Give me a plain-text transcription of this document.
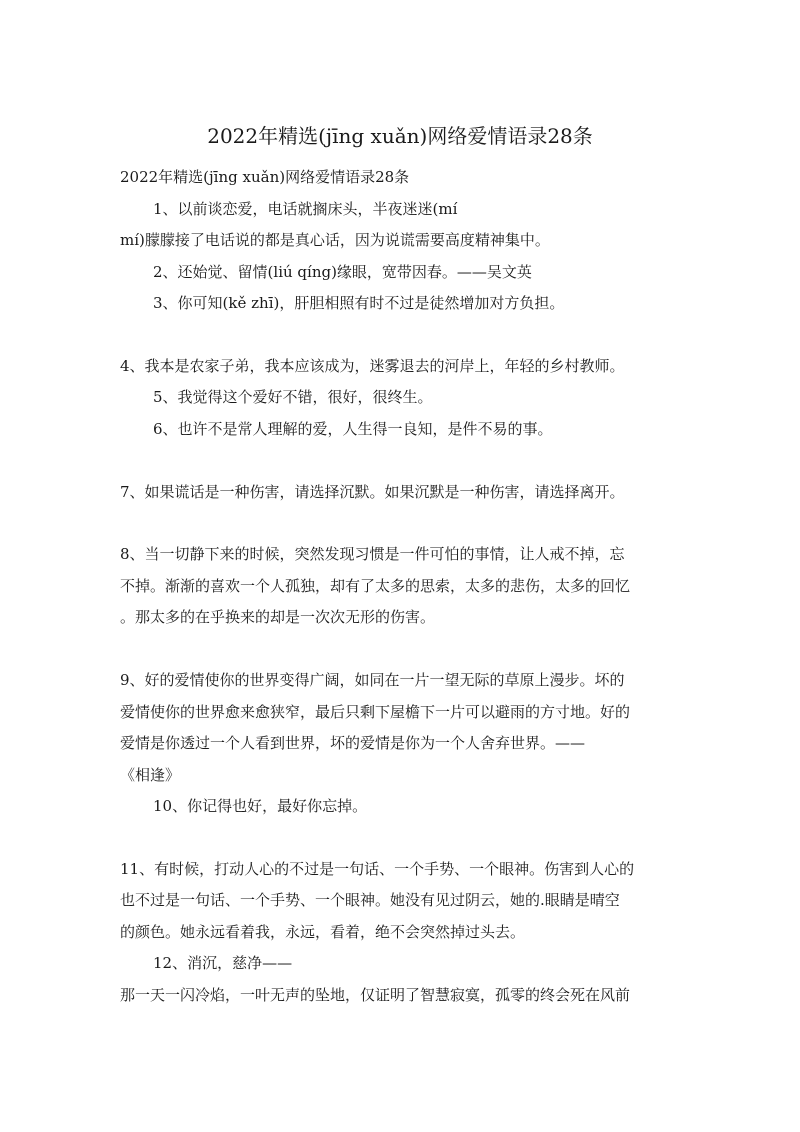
2022年精选(jīng xuǎn)网络爱情语录28条
2022年精选(jīng xuǎn)网络爱情语录28条
1、以前谈恋爱，电话就搁床头，半夜迷迷(mí
mí)朦朦接了电话说的都是真心话，因为说谎需要高度精神集中。
2、还始觉、留情(liú qíng)缘眼，宽带因春。——吴文英
3、你可知(kě zhī)，肝胆相照有时不过是徒然增加对方负担。
4、我本是农家子弟，我本应该成为，迷雾退去的河岸上，年轻的乡村教师。
5、我觉得这个爱好不错，很好，很终生。
6、也许不是常人理解的爱，人生得一良知，是件不易的事。
7、如果谎话是一种伤害，请选择沉默。如果沉默是一种伤害，请选择离开。
8、当一切静下来的时候，突然发现习惯是一件可怕的事情，让人戒不掉，忘
不掉。渐渐的喜欢一个人孤独，却有了太多的思索，太多的悲伤，太多的回忆
。那太多的在乎换来的却是一次次无形的伤害。
9、好的爱情使你的世界变得广阔，如同在一片一望无际的草原上漫步。坏的
爱情使你的世界愈来愈狭窄，最后只剩下屋檐下一片可以避雨的方寸地。好的
爱情是你透过一个人看到世界，坏的爱情是你为一个人舍弃世界。——
《相逢》
10、你记得也好，最好你忘掉。
11、有时候，打动人心的不过是一句话、一个手势、一个眼神。伤害到人心的
也不过是一句话、一个手势、一个眼神。她没有见过阴云，她的.眼睛是晴空
的颜色。她永远看着我，永远，看着，绝不会突然掉过头去。
12、消沉，慈净——
那一天一闪冷焰，一叶无声的坠地，仅证明了智慧寂寞，孤零的终会死在风前
